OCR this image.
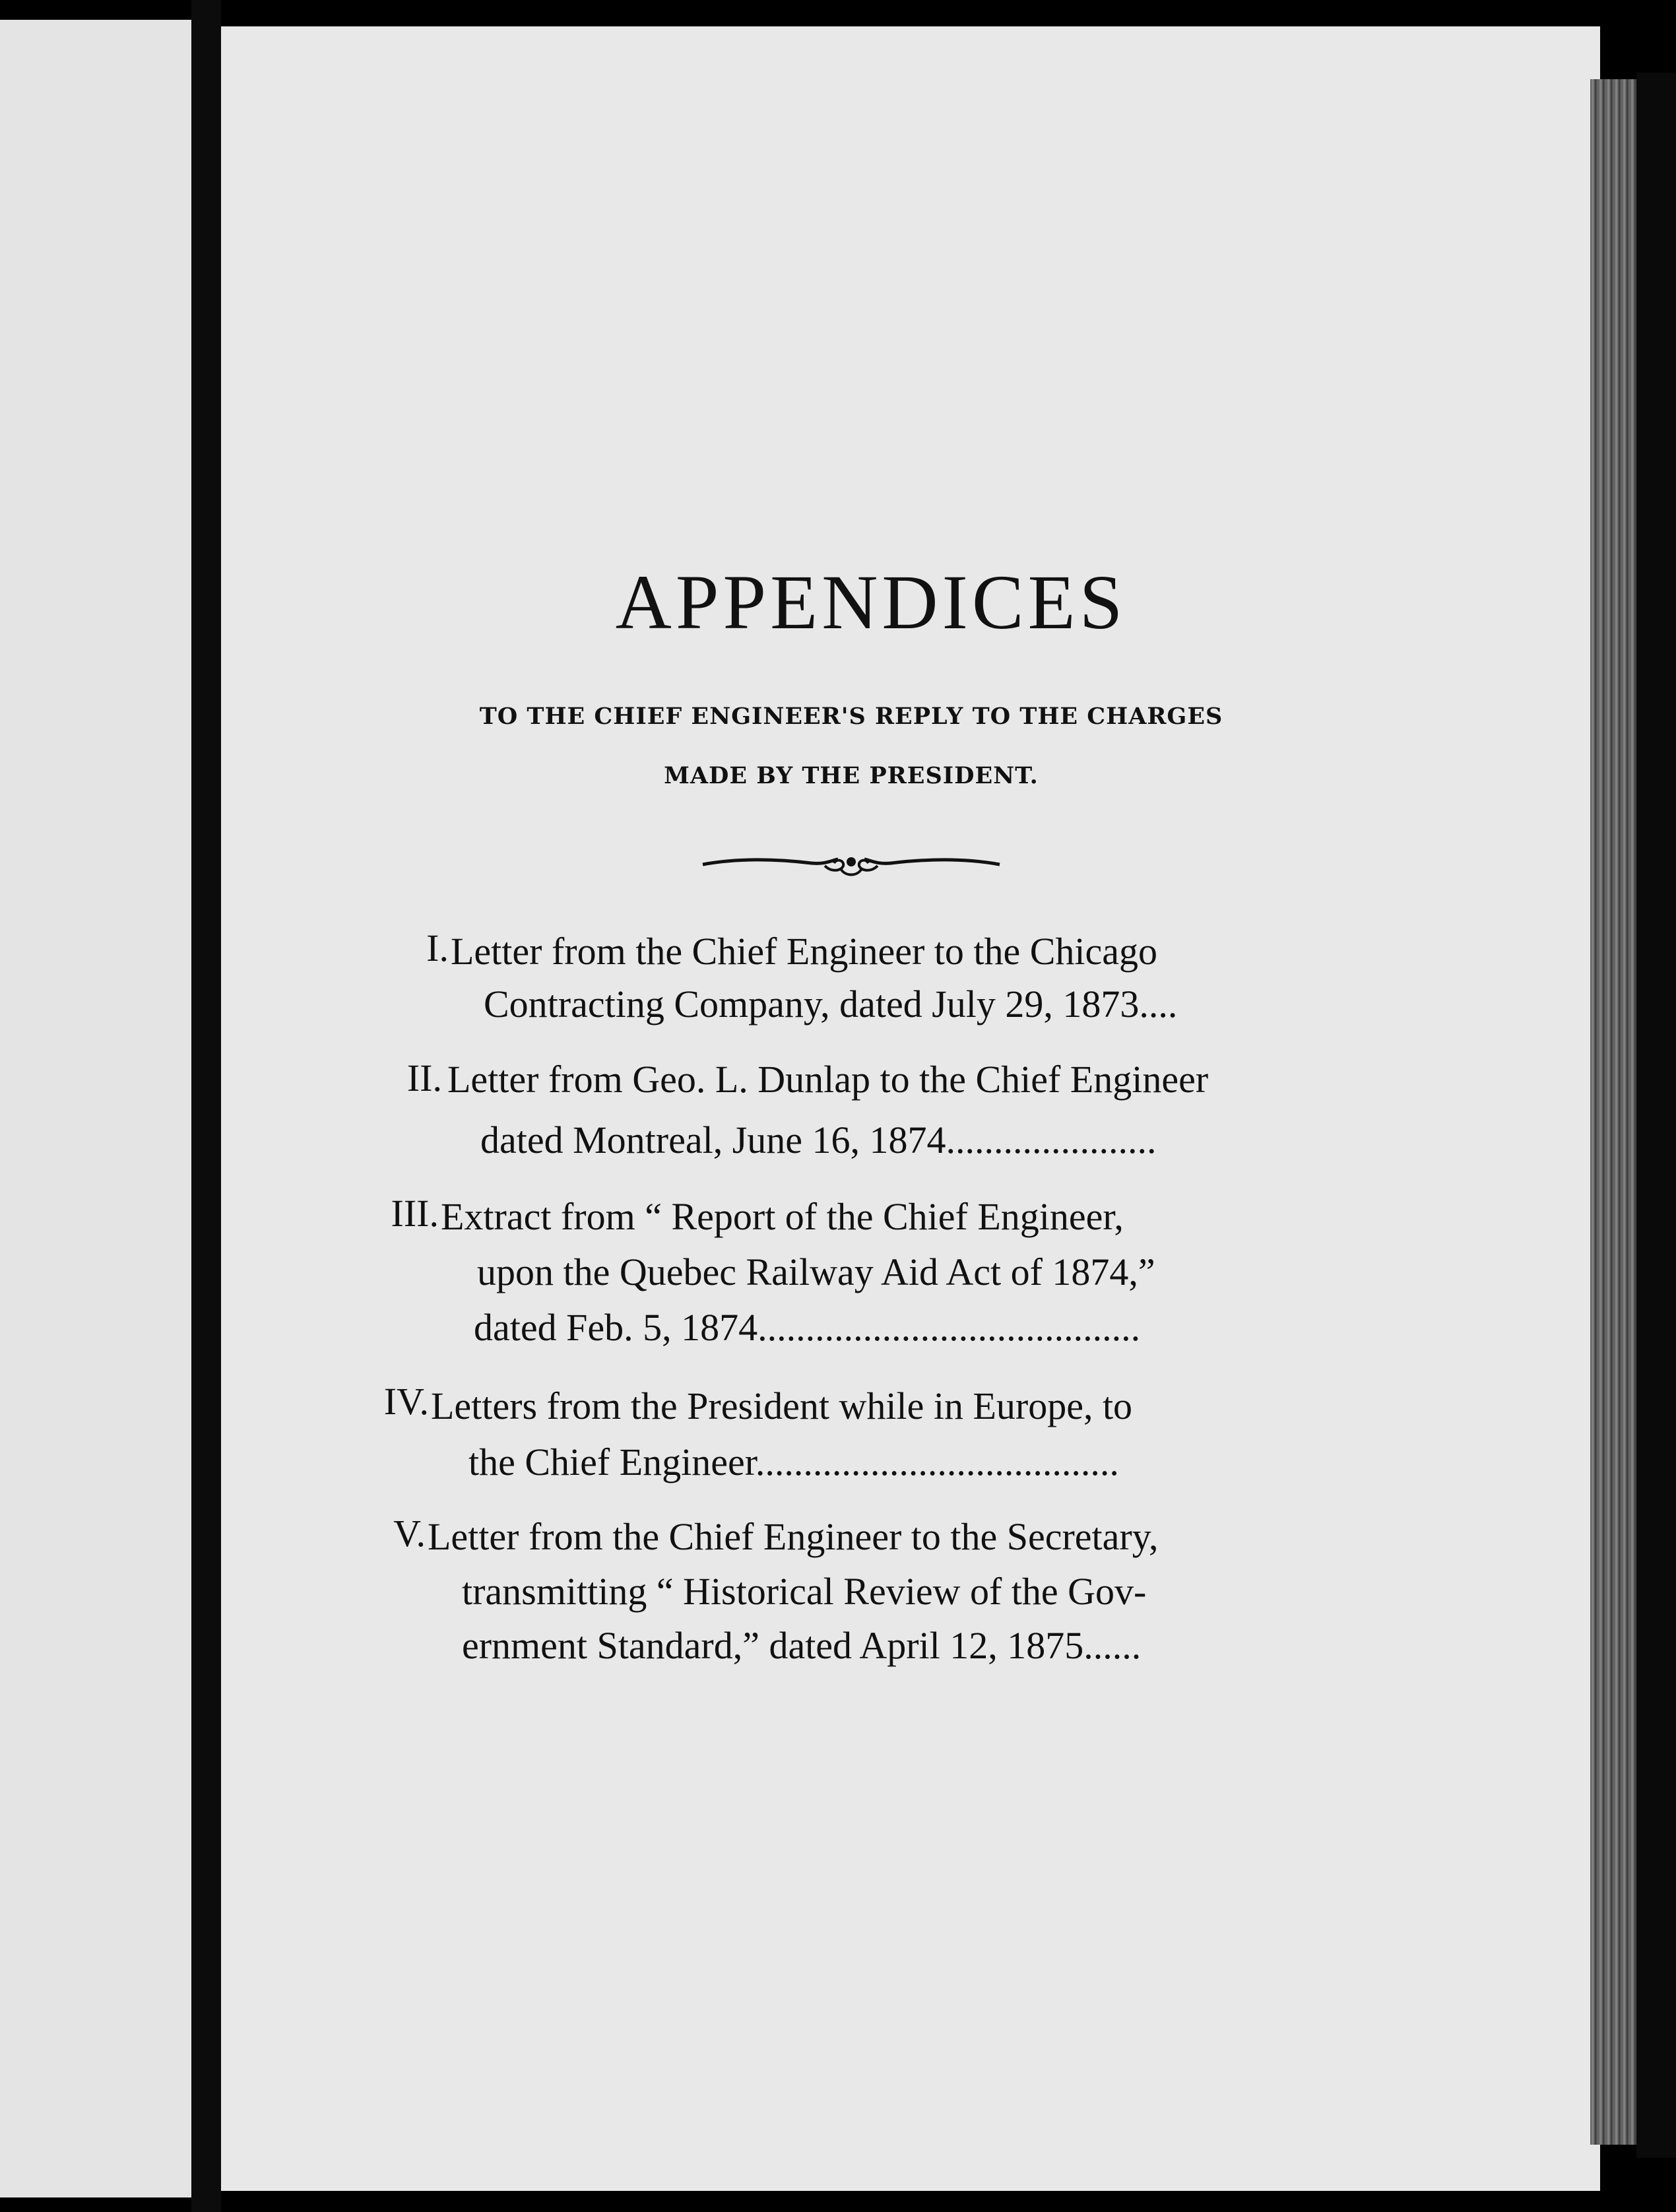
APPENDICES
TO THE CHIEF ENGINEER'S REPLY TO THE CHARGES
MADE BY THE PRESIDENT.
I. Letter from the Chief Engineer to the Chicago
Contracting Company, dated July 29, 1873....
II. Letter from Geo. L. Dunlap to the Chief Engineer
dated Montreal, June 16, 1874......................
III. Extract from “ Report of the Chief Engineer,
upon the Quebec Railway Aid Act of 1874,”
dated Feb. 5, 1874........................................
IV. Letters from the President while in Europe, to
the Chief Engineer......................................
V. Letter from the Chief Engineer to the Secretary,
transmitting “ Historical Review of the Gov-
ernment Standard,” dated April 12, 1875......
